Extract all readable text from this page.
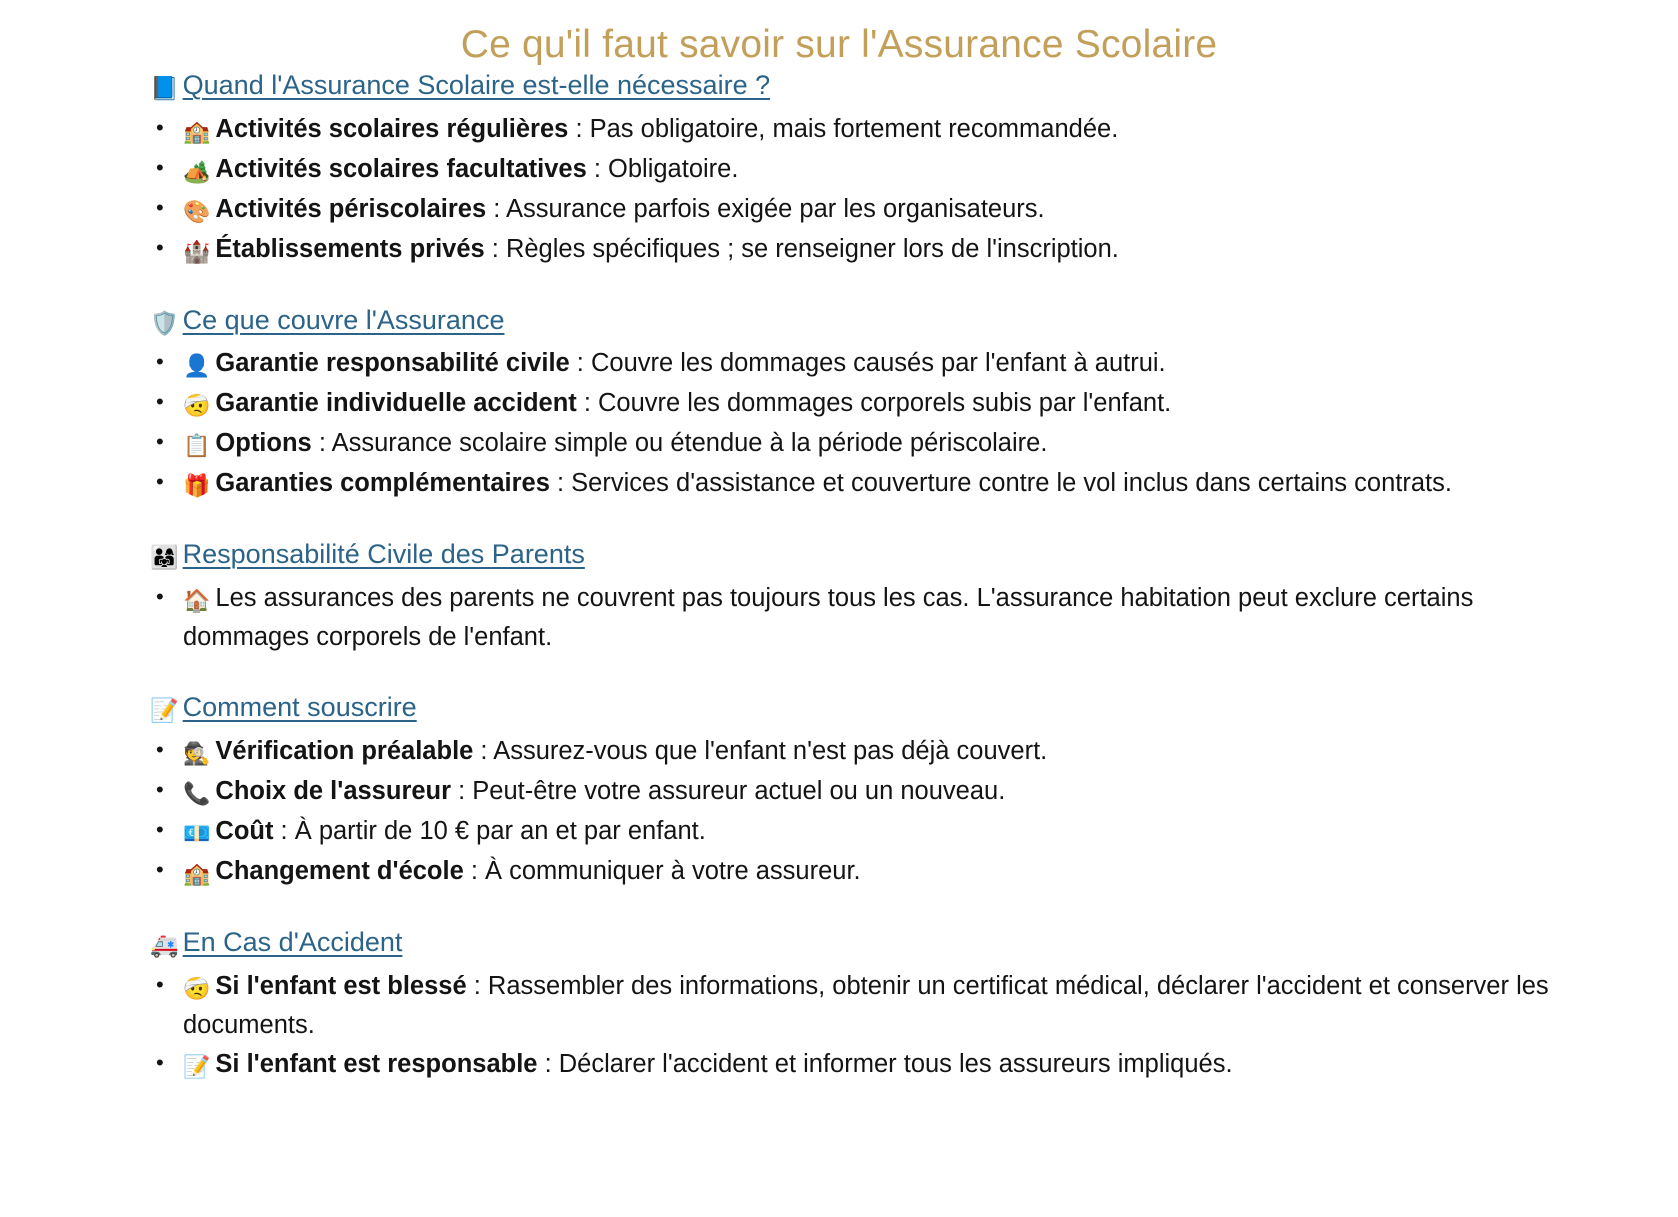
Ce qu'il faut savoir sur l'Assurance Scolaire
📘 Quand l'Assurance Scolaire est-elle nécessaire ?
• 🏫 Activités scolaires régulières : Pas obligatoire, mais fortement recommandée.
• 🏕️ Activités scolaires facultatives : Obligatoire.
• 🎨 Activités périscolaires : Assurance parfois exigée par les organisateurs.
• 🏰 Établissements privés : Règles spécifiques ; se renseigner lors de l'inscription.
🛡️ Ce que couvre l'Assurance
• 👤 Garantie responsabilité civile : Couvre les dommages causés par l'enfant à autrui.
• 🤕 Garantie individuelle accident : Couvre les dommages corporels subis par l'enfant.
• 📋 Options : Assurance scolaire simple ou étendue à la période périscolaire.
• 🎁 Garanties complémentaires : Services d'assistance et couverture contre le vol inclus dans certains contrats.
👨‍👩‍👧 Responsabilité Civile des Parents
• 🏠 Les assurances des parents ne couvrent pas toujours tous les cas. L'assurance habitation peut exclure certains dommages corporels de l'enfant.
📝 Comment souscrire
• 🕵️ Vérification préalable : Assurez-vous que l'enfant n'est pas déjà couvert.
• 📞 Choix de l'assureur : Peut-être votre assureur actuel ou un nouveau.
• 💶 Coût : À partir de 10 € par an et par enfant.
• 🏫 Changement d'école : À communiquer à votre assureur.
🚑 En Cas d'Accident
• 🤕 Si l'enfant est blessé : Rassembler des informations, obtenir un certificat médical, déclarer l'accident et conserver les documents.
• 📝 Si l'enfant est responsable : Déclarer l'accident et informer tous les assureurs impliqués.
